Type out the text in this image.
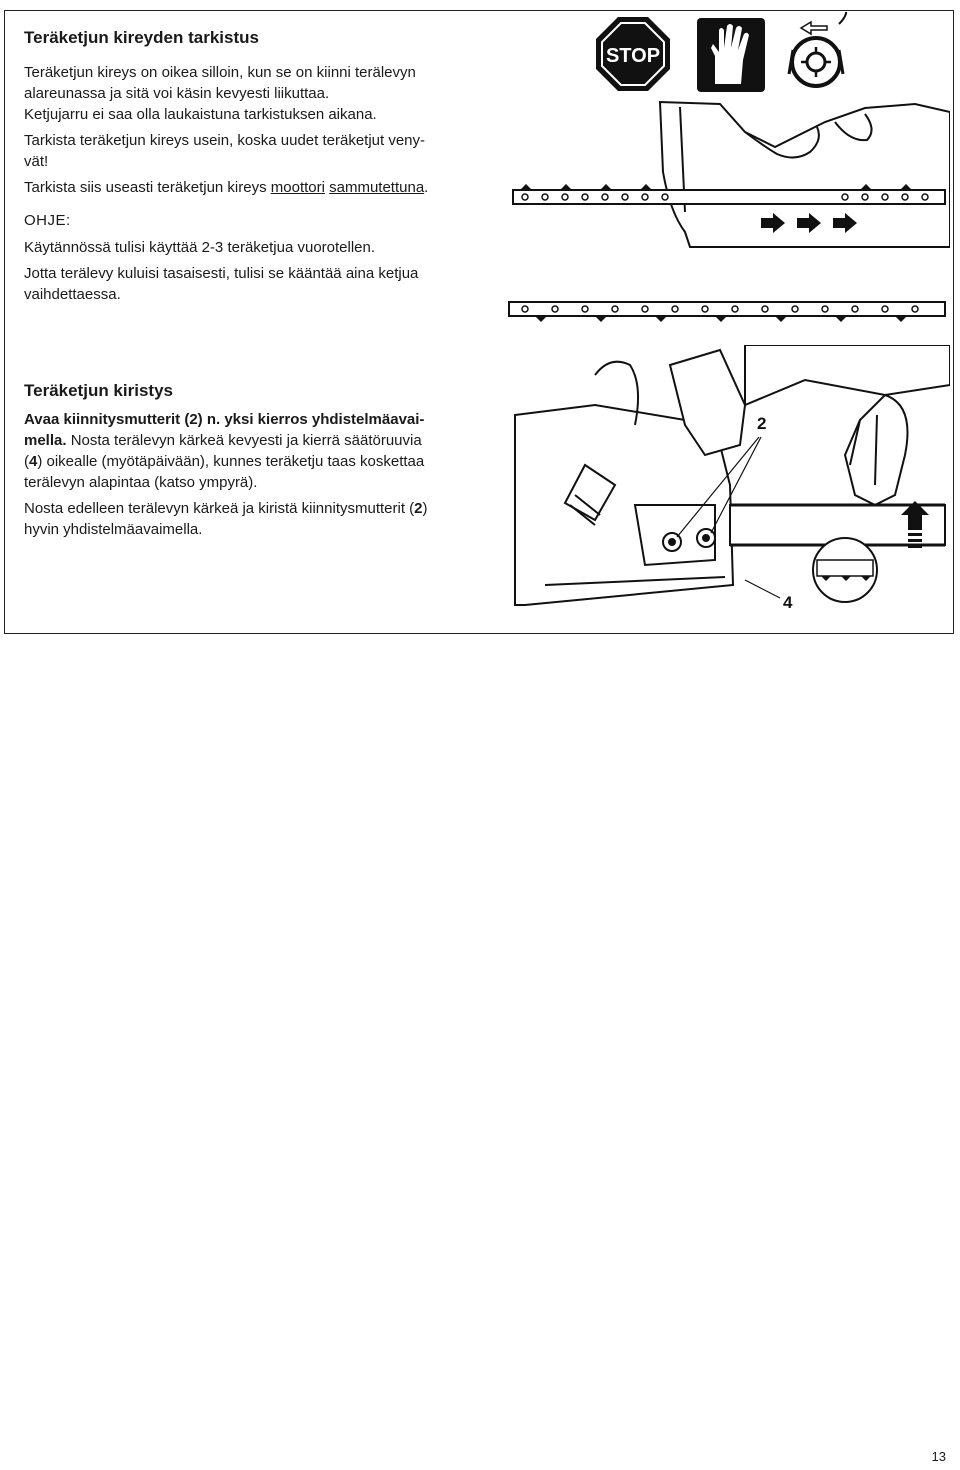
Teräketjun kireyden tarkistus

Teräketjun kireys on oikea silloin, kun se on kiinni terälevyn

alareunassa ja sitä voi käsin kevyesti liikuttaa.

Ketjujarru ei saa olla laukaistuna tarkistuksen aikana.

Tarkista teräketjun kireys usein, koska uudet teräketjut veny-

vät!

Tarkista siis useasti teräketjun kireys moottori sammutettuna.

OHJE:

Käytännössä tulisi käyttää 2-3 teräketjua vuorotellen.

Jotta terälevy kuluisi tasaisesti, tulisi se kääntää aina ketjua

vaihdettaessa.

Teräketjun kiristys

Avaa kiinnitysmutterit (2) n. yksi kierros yhdistelmäavai-

mella. Nosta terälevyn kärkeä kevyesti ja kierrä säätöruuvia

(4) oikealle (myötäpäivään), kunnes teräketju taas koskettaa

terälevyn alapintaa (katso ympyrä).

Nosta edelleen terälevyn kärkeä ja kiristä kiinnitysmutterit (2)

hyvin yhdistelmäavaimella.

STOP
2
4
13
